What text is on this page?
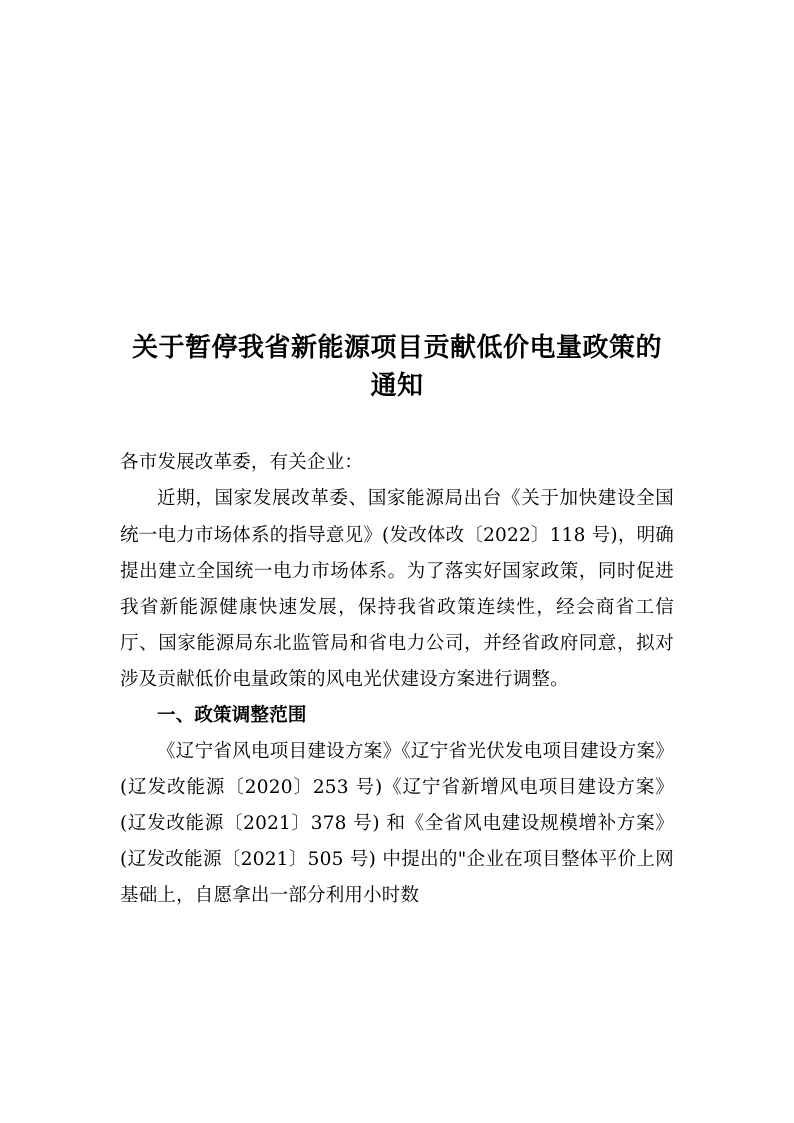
关于暂停我省新能源项目贡献低价电量政策的通知

各市发展改革委，有关企业：

近期，国家发展改革委、国家能源局出台《关于加快建设全国统一电力市场体系的指导意见》(发改体改〔2022〕118 号)，明确提出建立全国统一电力市场体系。为了落实好国家政策，同时促进我省新能源健康快速发展，保持我省政策连续性，经会商省工信厅、国家能源局东北监管局和省电力公司，并经省政府同意，拟对涉及贡献低价电量政策的风电光伏建设方案进行调整。

一、政策调整范围

《辽宁省风电项目建设方案》《辽宁省光伏发电项目建设方案》(辽发改能源〔2020〕253 号)《辽宁省新增风电项目建设方案》(辽发改能源〔2021〕378 号) 和《全省风电建设规模增补方案》(辽发改能源〔2021〕505 号) 中提出的"企业在项目整体平价上网基础上，自愿拿出一部分利用小时数
